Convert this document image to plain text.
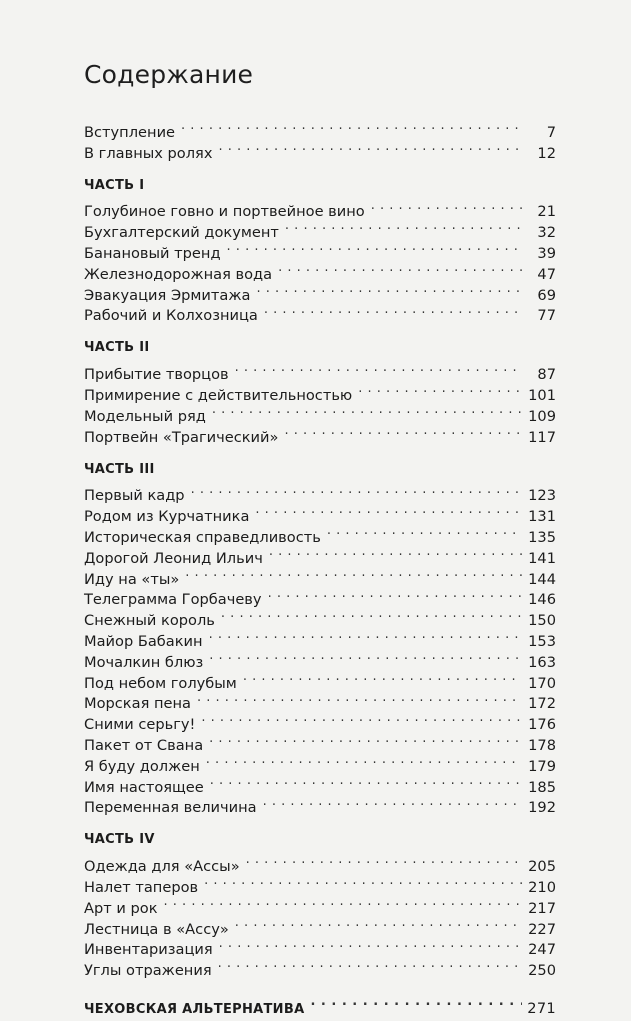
Содержание
Вступление . . .	7
В главных ролях . . .	12
ЧАСТЬ I
Голубиное говно и портвейное вино . . .	21
Бухгалтерский документ . . .	32
Банановый тренд . . .	39
Железнодорожная вода . . .	47
Эвакуация Эрмитажа . . .	69
Рабочий и Колхозница . . .	77
ЧАСТЬ II
Прибытие творцов . . .	87
Примирение с действительностью . . .	101
Модельный ряд . . .	109
Портвейн «Трагический» . . .	117
ЧАСТЬ III
Первый кадр . . .	123
Родом из Курчатника . . .	131
Историческая справедливость . . .	135
Дорогой Леонид Ильич . . .	141
Иду на «ты» . . .	144
Телеграмма Горбачеву . . .	146
Снежный король . . .	150
Майор Бабакин . . .	153
Мочалкин блюз . . .	163
Под небом голубым . . .	170
Морская пена . . .	172
Сними серьгу! . . .	176
Пакет от Свана . . .	178
Я буду должен . . .	179
Имя настоящее . . .	185
Переменная величина . . .	192
ЧАСТЬ IV
Одежда для «Ассы» . . .	205
Налет таперов . . .	210
Арт и рок . . .	217
Лестница в «Ассу» . . .	227
Инвентаризация . . .	247
Углы отражения . . .	250
ЧЕХОВСКАЯ АЛЬТЕРНАТИВА . . .	271
